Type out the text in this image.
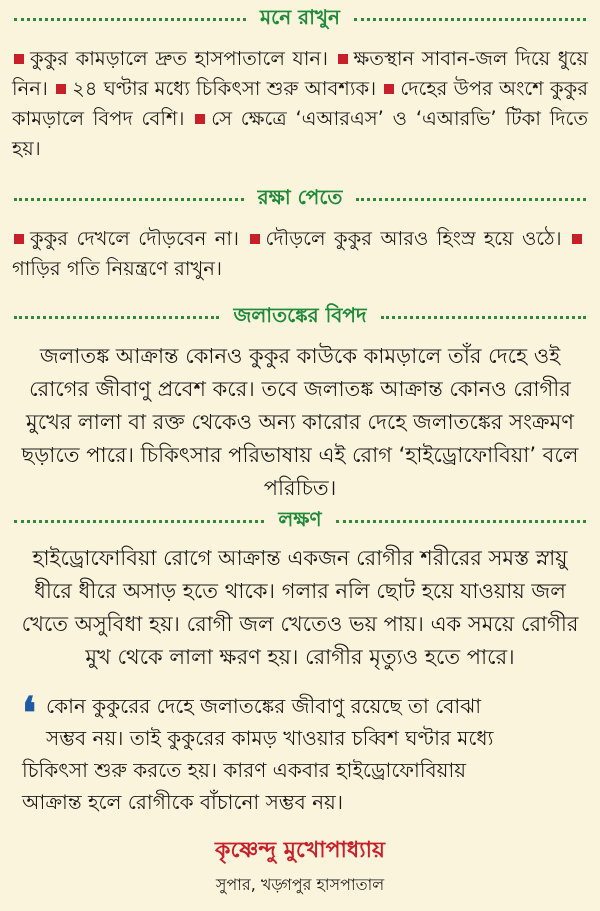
মনে রাখুন
কুকুর কামড়ালে দ্রুত হাসপাতালে যান। ক্ষতস্থান সাবান-জল দিয়ে ধুয়ে নিন। ২৪ ঘণ্টার মধ্যে চিকিৎসা শুরু আবশ্যক। দেহের উপর অংশে কুকুর কামড়ালে বিপদ বেশি। সে ক্ষেত্রে ‘এআরএস’ ও ‘এআরভি’ টিকা দিতে হয়।
রক্ষা পেতে
কুকুর দেখলে দৌড়বেন না। দৌড়লে কুকুর আরও হিংস্র হয়ে ওঠে। গাড়ির গতি নিয়ন্ত্রণে রাখুন।
জলাতঙ্কের বিপদ
জলাতঙ্ক আক্রান্ত কোনও কুকুর কাউকে কামড়ালে তাঁর দেহে ওই রোগের জীবাণু প্রবেশ করে। তবে জলাতঙ্ক আক্রান্ত কোনও রোগীর মুখের লালা বা রক্ত থেকেও অন্য কারোর দেহে জলাতঙ্কের সংক্রমণ ছড়াতে পারে। চিকিৎসার পরিভাষায় এই রোগ ‘হাইড্রোফোবিয়া’ বলে পরিচিত।
লক্ষণ
হাইড্রোফোবিয়া রোগে আক্রান্ত একজন রোগীর শরীরের সমস্ত স্নায়ু ধীরে ধীরে অসাড় হতে থাকে। গলার নলি ছোট হয়ে যাওয়ায় জল খেতে অসুবিধা হয়। রোগী জল খেতেও ভয় পায়। এক সময়ে রোগীর মুখ থেকে লালা ক্ষরণ হয়। রোগীর মৃত্যুও হতে পারে।
❛ কোন কুকুরের দেহে জলাতঙ্কের জীবাণু রয়েছে তা বোঝা
সম্ভব নয়। তাই কুকুরের কামড় খাওয়ার চব্বিশ ঘণ্টার মধ্যে
চিকিৎসা শুরু করতে হয়। কারণ একবার হাইড্রোফোবিয়ায়
আক্রান্ত হলে রোগীকে বাঁচানো সম্ভব নয়।
কৃষ্ণেন্দু মুখোপাধ্যায়
সুপার, খড়্গপুর হাসপাতাল
